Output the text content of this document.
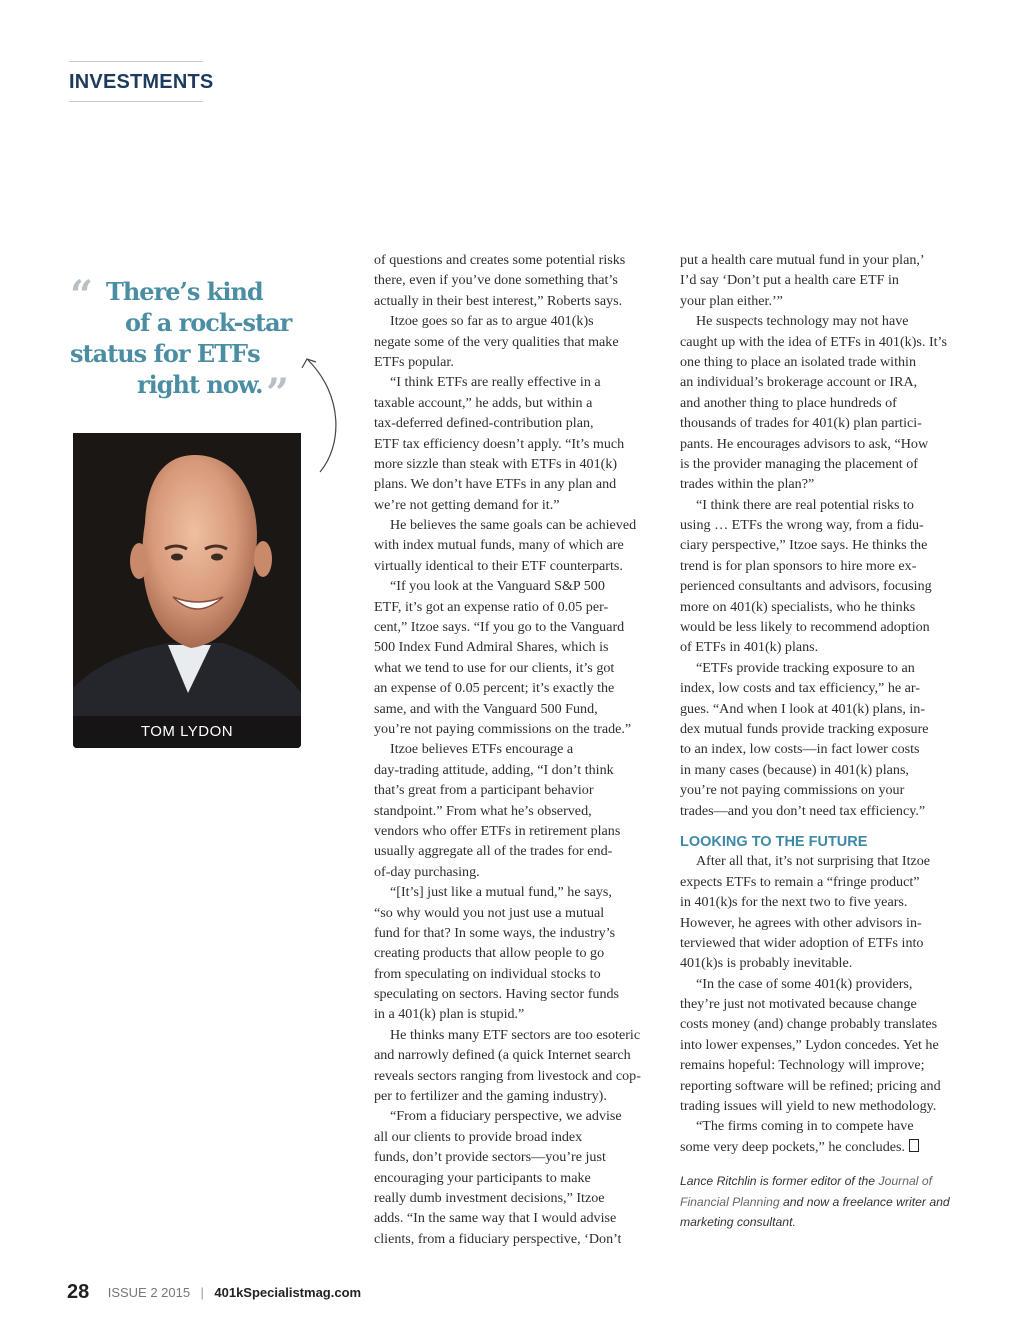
INVESTMENTS
“ There’s kind
of a rock-star
status for ETFs
right now. ”
TOM LYDON
of questions and creates some potential risks
there, even if you’ve done something that’s
actually in their best interest,” Roberts says.
Itzoe goes so far as to argue 401(k)s
negate some of the very qualities that make
ETFs popular.
“I think ETFs are really effective in a
taxable account,” he adds, but within a
tax-deferred defined-contribution plan,
ETF tax efficiency doesn’t apply. “It’s much
more sizzle than steak with ETFs in 401(k)
plans. We don’t have ETFs in any plan and
we’re not getting demand for it.”
He believes the same goals can be achieved
with index mutual funds, many of which are
virtually identical to their ETF counterparts.
“If you look at the Vanguard S&P 500
ETF, it’s got an expense ratio of 0.05 per-
cent,” Itzoe says. “If you go to the Vanguard
500 Index Fund Admiral Shares, which is
what we tend to use for our clients, it’s got
an expense of 0.05 percent; it’s exactly the
same, and with the Vanguard 500 Fund,
you’re not paying commissions on the trade.”
Itzoe believes ETFs encourage a
day-trading attitude, adding, “I don’t think
that’s great from a participant behavior
standpoint.” From what he’s observed,
vendors who offer ETFs in retirement plans
usually aggregate all of the trades for end-
of-day purchasing.
“[It’s] just like a mutual fund,” he says,
“so why would you not just use a mutual
fund for that? In some ways, the industry’s
creating products that allow people to go
from speculating on individual stocks to
speculating on sectors. Having sector funds
in a 401(k) plan is stupid.”
He thinks many ETF sectors are too esoteric
and narrowly defined (a quick Internet search
reveals sectors ranging from livestock and cop-
per to fertilizer and the gaming industry).
“From a fiduciary perspective, we advise
all our clients to provide broad index
funds, don’t provide sectors—you’re just
encouraging your participants to make
really dumb investment decisions,” Itzoe
adds. “In the same way that I would advise
clients, from a fiduciary perspective, ‘Don’t
put a health care mutual fund in your plan,’
I’d say ‘Don’t put a health care ETF in
your plan either.’”
He suspects technology may not have
caught up with the idea of ETFs in 401(k)s. It’s
one thing to place an isolated trade within
an individual’s brokerage account or IRA,
and another thing to place hundreds of
thousands of trades for 401(k) plan partici-
pants. He encourages advisors to ask, “How
is the provider managing the placement of
trades within the plan?”
“I think there are real potential risks to
using … ETFs the wrong way, from a fidu-
ciary perspective,” Itzoe says. He thinks the
trend is for plan sponsors to hire more ex-
perienced consultants and advisors, focusing
more on 401(k) specialists, who he thinks
would be less likely to recommend adoption
of ETFs in 401(k) plans.
“ETFs provide tracking exposure to an
index, low costs and tax efficiency,” he ar-
gues. “And when I look at 401(k) plans, in-
dex mutual funds provide tracking exposure
to an index, low costs—in fact lower costs
in many cases (because) in 401(k) plans,
you’re not paying commissions on your
trades—and you don’t need tax efficiency.”
LOOKING TO THE FUTURE
After all that, it’s not surprising that Itzoe
expects ETFs to remain a “fringe product”
in 401(k)s for the next two to five years.
However, he agrees with other advisors in-
terviewed that wider adoption of ETFs into
401(k)s is probably inevitable.
“In the case of some 401(k) providers,
they’re just not motivated because change
costs money (and) change probably translates
into lower expenses,” Lydon concedes. Yet he
remains hopeful: Technology will improve;
reporting software will be refined; pricing and
trading issues will yield to new methodology.
“The firms coming in to compete have
some very deep pockets,” he concludes.
Lance Ritchlin is former editor of the Journal of
Financial Planning and now a freelance writer and
marketing consultant.
28 ISSUE 2 2015 | 401kSpecialistmag.com
